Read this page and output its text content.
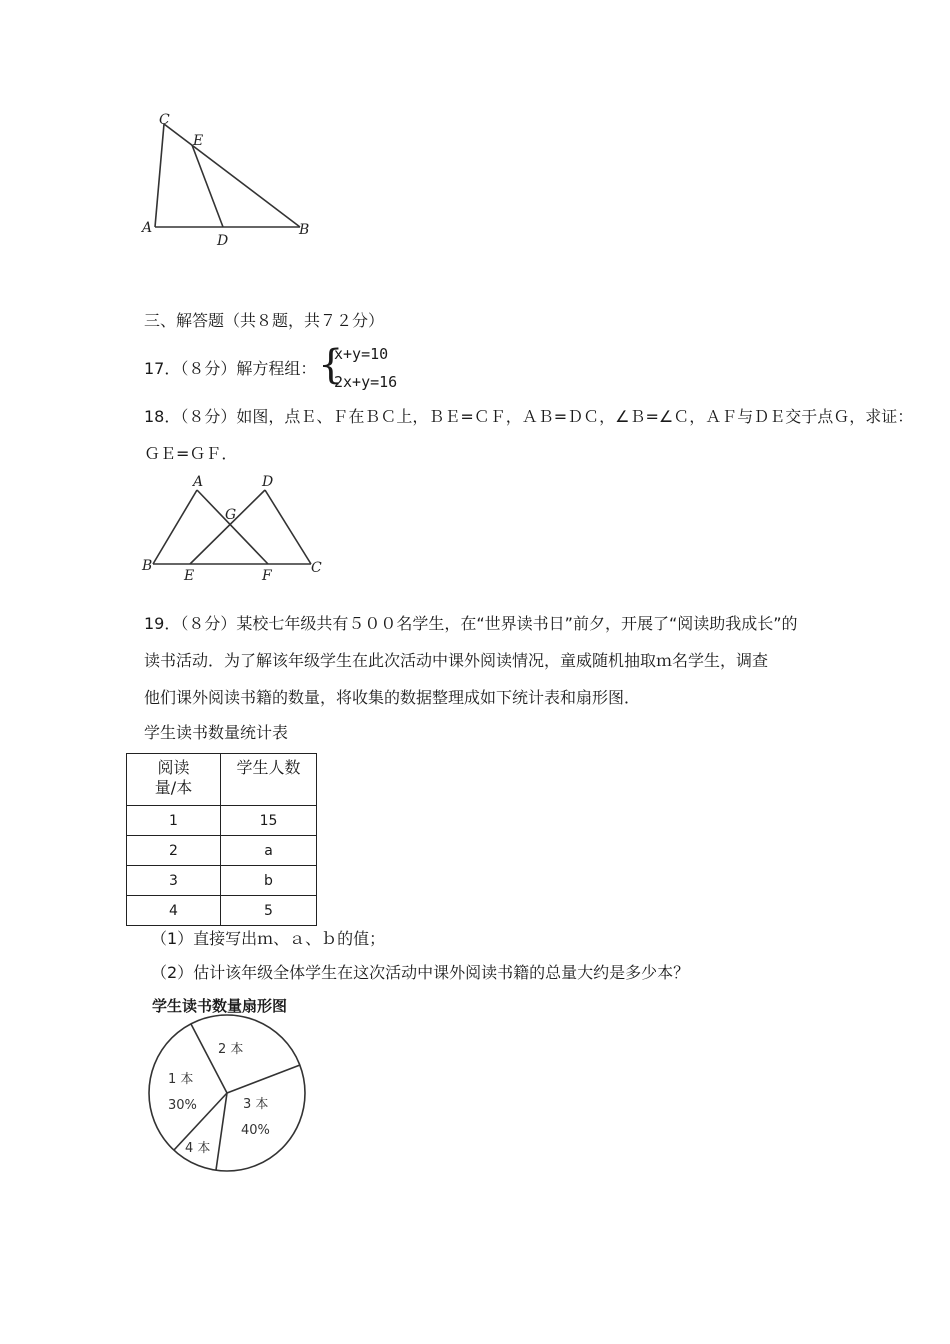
C
E
A
D
B
三、解答题（共８题，共７２分）
17．（８分）解方程组： {
x+y=10
2x+y=16
18．（８分）如图，点Ｅ、Ｆ在ＢＣ上，ＢＥ=ＣＦ，ＡＢ=ＤＣ，∠Ｂ=∠Ｃ，ＡＦ与ＤＥ交于点Ｇ，求证：
ＧＥ=ＧＦ．
A	D
G
B
E	F	C
19．（８分）某校七年级共有５００名学生，在“世界读书日”前夕，开展了“阅读助我成长”的
读书活动．为了解该年级学生在此次活动中课外阅读情况，童威随机抽取ｍ名学生，调查
他们课外阅读书籍的数量，将收集的数据整理成如下统计表和扇形图．
学生读书数量统计表
阅读
量/本	学生人数
1	15
2	a
3	b
4	5
（1）直接写出ｍ、ａ、ｂ的值；
（2）估计该年级全体学生在这次活动中课外阅读书籍的总量大约是多少本？
学生读书数量扇形图
1 本
30%
2 本
3 本
40%
4 本
